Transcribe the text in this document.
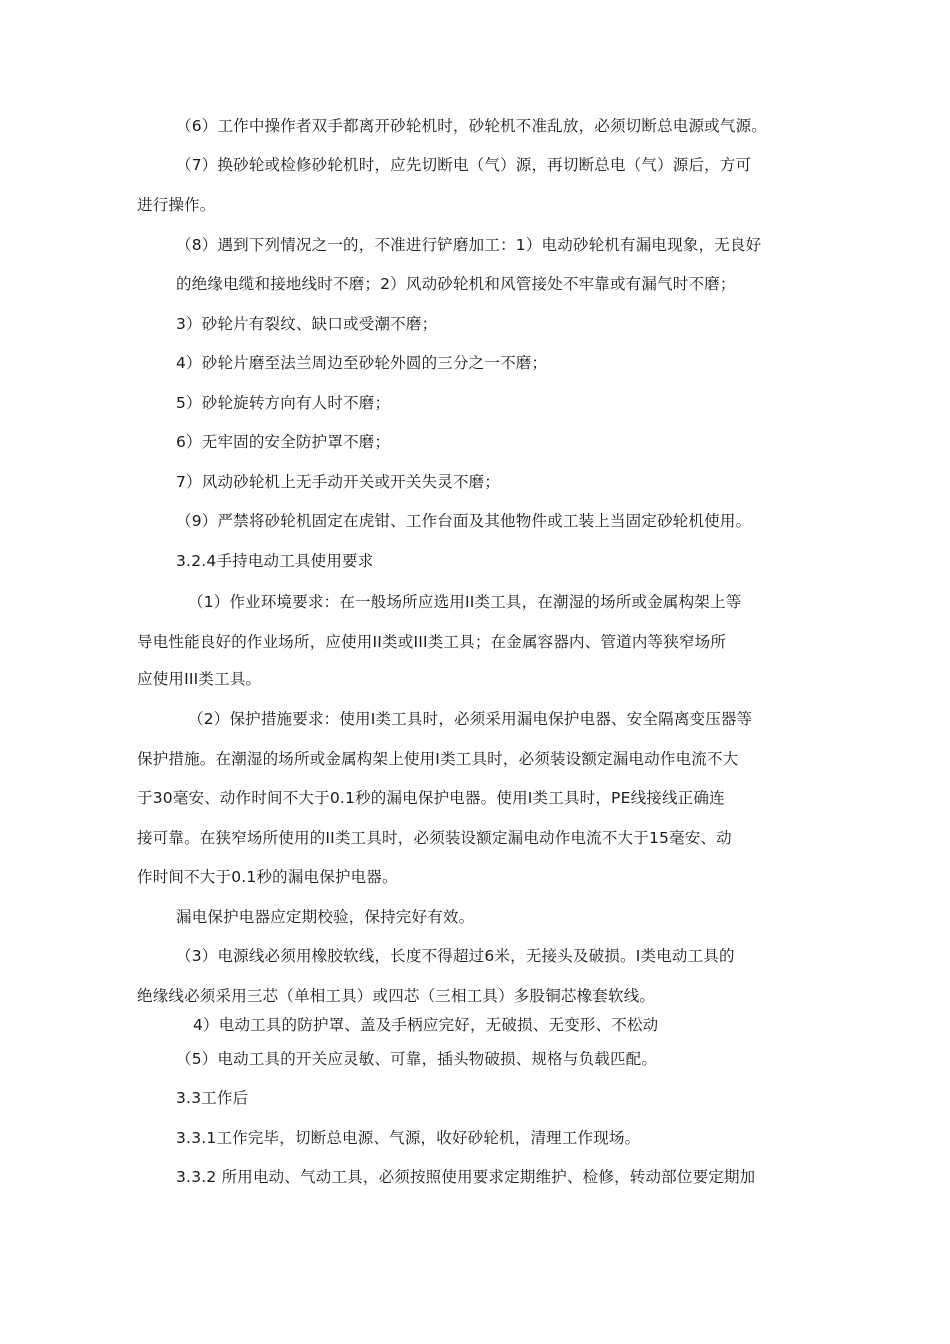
（6）工作中操作者双手都离开砂轮机时，砂轮机不准乱放，必须切断总电源或气源。

（7）换砂轮或检修砂轮机时，应先切断电（气）源，再切断总电（气）源后，方可

进行操作。

（8）遇到下列情况之一的，不准进行铲磨加工：1）电动砂轮机有漏电现象，无良好

的绝缘电缆和接地线时不磨；2）风动砂轮机和风管接处不牢靠或有漏气时不磨；

3）砂轮片有裂纹、缺口或受潮不磨；

4）砂轮片磨至法兰周边至砂轮外圆的三分之一不磨；

5）砂轮旋转方向有人时不磨；

6）无牢固的安全防护罩不磨；

7）风动砂轮机上无手动开关或开关失灵不磨；

（9）严禁将砂轮机固定在虎钳、工作台面及其他物件或工装上当固定砂轮机使用。

3.2.4手持电动工具使用要求

（1）作业环境要求：在一般场所应选用II类工具，在潮湿的场所或金属构架上等

导电性能良好的作业场所，应使用II类或III类工具；在金属容器内、管道内等狭窄场所

应使用III类工具。

（2）保护措施要求：使用I类工具时，必须采用漏电保护电器、安全隔离变压器等

保护措施。在潮湿的场所或金属构架上使用I类工具时，必须装设额定漏电动作电流不大

于30毫安、动作时间不大于0.1秒的漏电保护电器。使用I类工具时，PE线接线正确连

接可靠。在狭窄场所使用的II类工具时，必须装设额定漏电动作电流不大于15毫安、动

作时间不大于0.1秒的漏电保护电器。

漏电保护电器应定期校验，保持完好有效。

（3）电源线必须用橡胶软线，长度不得超过6米，无接头及破损。I类电动工具的

绝缘线必须采用三芯（单相工具）或四芯（三相工具）多股铜芯橡套软线。

4）电动工具的防护罩、盖及手柄应完好，无破损、无变形、不松动

（5）电动工具的开关应灵敏、可靠，插头物破损、规格与负载匹配。

3.3工作后

3.3.1工作完毕，切断总电源、气源，收好砂轮机，清理工作现场。

3.3.2 所用电动、气动工具，必须按照使用要求定期维护、检修，转动部位要定期加
